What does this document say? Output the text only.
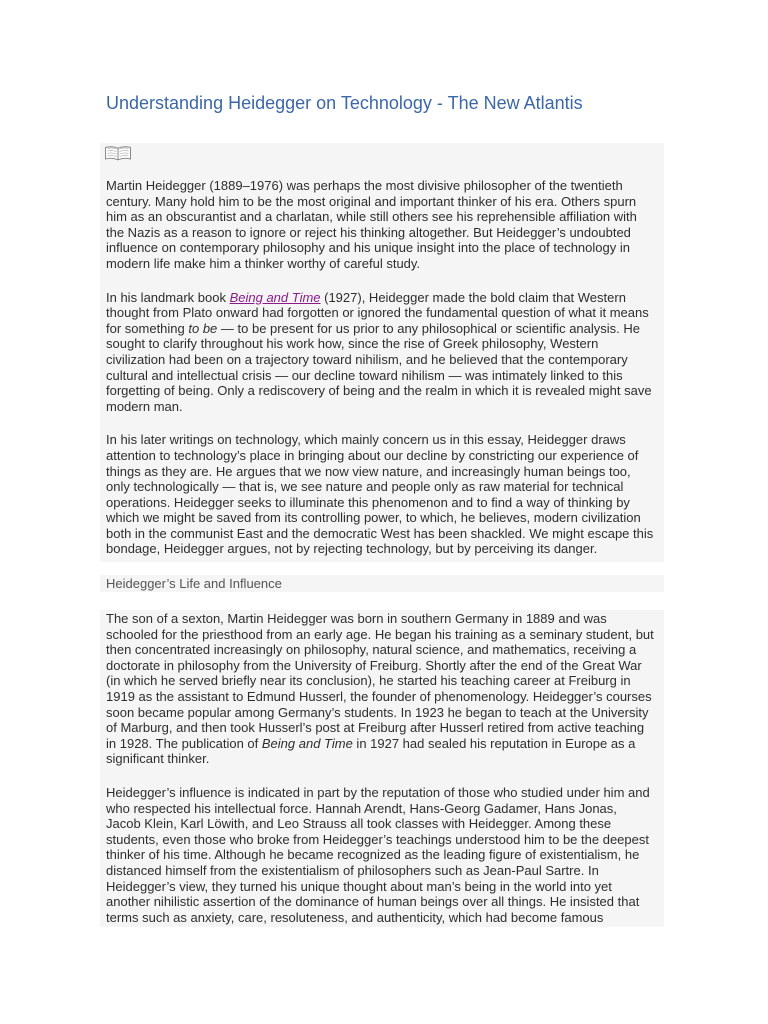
Understanding Heidegger on Technology - The New Atlantis

Martin Heidegger (1889–1976) was perhaps the most divisive philosopher of the twentieth
century. Many hold him to be the most original and important thinker of his era. Others spurn
him as an obscurantist and a charlatan, while still others see his reprehensible affiliation with
the Nazis as a reason to ignore or reject his thinking altogether. But Heidegger’s undoubted
influence on contemporary philosophy and his unique insight into the place of technology in
modern life make him a thinker worthy of careful study.

In his landmark book Being and Time (1927), Heidegger made the bold claim that Western
thought from Plato onward had forgotten or ignored the fundamental question of what it means
for something to be — to be present for us prior to any philosophical or scientific analysis. He
sought to clarify throughout his work how, since the rise of Greek philosophy, Western
civilization had been on a trajectory toward nihilism, and he believed that the contemporary
cultural and intellectual crisis — our decline toward nihilism — was intimately linked to this
forgetting of being. Only a rediscovery of being and the realm in which it is revealed might save
modern man.

In his later writings on technology, which mainly concern us in this essay, Heidegger draws
attention to technology’s place in bringing about our decline by constricting our experience of
things as they are. He argues that we now view nature, and increasingly human beings too,
only technologically — that is, we see nature and people only as raw material for technical
operations. Heidegger seeks to illuminate this phenomenon and to find a way of thinking by
which we might be saved from its controlling power, to which, he believes, modern civilization
both in the communist East and the democratic West has been shackled. We might escape this
bondage, Heidegger argues, not by rejecting technology, but by perceiving its danger.

Heidegger’s Life and Influence

The son of a sexton, Martin Heidegger was born in southern Germany in 1889 and was
schooled for the priesthood from an early age. He began his training as a seminary student, but
then concentrated increasingly on philosophy, natural science, and mathematics, receiving a
doctorate in philosophy from the University of Freiburg. Shortly after the end of the Great War
(in which he served briefly near its conclusion), he started his teaching career at Freiburg in
1919 as the assistant to Edmund Husserl, the founder of phenomenology. Heidegger’s courses
soon became popular among Germany’s students. In 1923 he began to teach at the University
of Marburg, and then took Husserl’s post at Freiburg after Husserl retired from active teaching
in 1928. The publication of Being and Time in 1927 had sealed his reputation in Europe as a
significant thinker.

Heidegger’s influence is indicated in part by the reputation of those who studied under him and
who respected his intellectual force. Hannah Arendt, Hans-Georg Gadamer, Hans Jonas,
Jacob Klein, Karl Löwith, and Leo Strauss all took classes with Heidegger. Among these
students, even those who broke from Heidegger’s teachings understood him to be the deepest
thinker of his time. Although he became recognized as the leading figure of existentialism, he
distanced himself from the existentialism of philosophers such as Jean-Paul Sartre. In
Heidegger’s view, they turned his unique thought about man’s being in the world into yet
another nihilistic assertion of the dominance of human beings over all things. He insisted that
terms such as anxiety, care, resoluteness, and authenticity, which had become famous
